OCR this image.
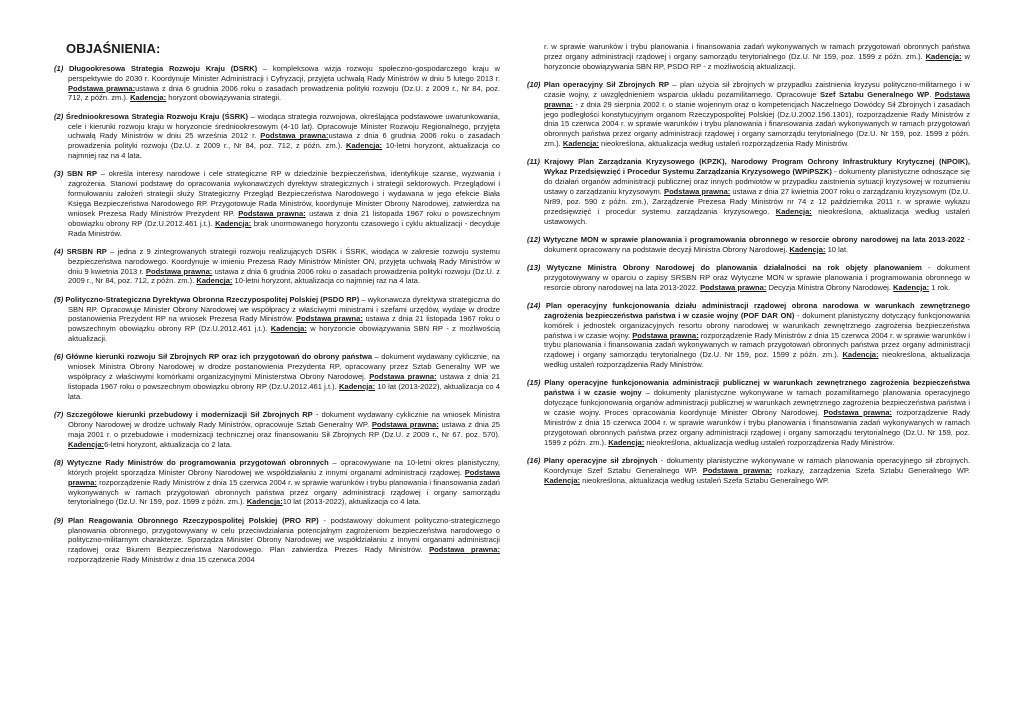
OBJAŚNIENIA:

(1) Długookresowa Strategia Rozwoju Kraju (DSRK) – kompleksowa wizja rozwoju społeczno-gospodarczego kraju w perspektywie do 2030 r. Koordynuje Minister Administracji i Cyfryzacji, przyjęta uchwałą Rady Ministrów w dniu 5 lutego 2013 r. Podstawa prawna:ustawa z dnia 6 grudnia 2006 roku o zasadach prowadzenia polityki rozwoju (Dz.U. z 2009 r., Nr 84, poz. 712, z późn. zm.). Kadencja: horyzont obowiązywania strategii.

(2) Średniookresowa Strategia Rozwoju Kraju (ŚSRK) – wiodąca strategia rozwojowa, określająca podstawowe uwarunkowania, cele i kierunki rozwoju kraju w horyzoncie średniookresowym (4-10 lat). Opracowuje Minister Rozwoju Regionalnego, przyjęta uchwałą Rady Ministrów w dniu 25 września 2012 r. Podstawa prawna:ustawa z dnia 6 grudnia 2006 roku o zasadach prowadzenia polityki rozwoju (Dz.U. z 2009 r., Nr 84, poz. 712, z późn. zm.). Kadencja: 10-letni horyzont, aktualizacja co najmniej raz na 4 lata.

(3) SBN RP – określa interesy narodowe i cele strategiczne RP w dziedzinie bezpieczeństwa, identyfikuje szanse, wyzwania i zagrożenia. Stanowi podstawę do opracowania wykonawczych dyrektyw strategicznych i strategii sektorowych. Przeglądowi i formułowaniu założeń strategii służy Strategiczny Przegląd Bezpieczeństwa Narodowego i wydawana w jego efekcie Biała Księga Bezpieczeństwa Narodowego RP. Przygotowuje Rada Ministrów, koordynuje Minister Obrony Narodowej, zatwierdza na wniosek Prezesa Rady Ministrów Prezydent RP. Podstawa prawna: ustawa z dnia 21 listopada 1967 roku o powszechnym obowiązku obrony RP (Dz.U.2012.461 j.t.). Kadencja: brak unormowanego horyzontu czasowego i cyklu aktualizacji - decyduje Rada Ministrów.

(4) SRSBN RP – jedna z 9 zintegrowanych strategii rozwoju realizujących DSRK i ŚSRK, wiodąca w zakresie rozwoju systemu bezpieczeństwa narodowego. Koordynuje w imieniu Prezesa Rady Ministrów Minister ON, przyjęta uchwałą Rady Ministrów w dniu 9 kwietnia 2013 r. Podstawa prawna: ustawa z dnia 6 grudnia 2006 roku o zasadach prowadzenia polityki rozwoju (Dz.U. z 2009 r., Nr 84, poz. 712, z późn. zm.). Kadencja: 10-letni horyzont, aktualizacja co najmniej raz na 4 lata.

(5) Polityczno-Strategiczna Dyrektywa Obronna Rzeczypospolitej Polskiej (PSDO RP) – wykonawcza dyrektywa strategiczna do SBN RP. Opracowuje Minister Obrony Narodowej we współpracy z właściwymi ministrami i szefami urzędów, wydaje w drodze postanowienia Prezydent RP na wniosek Prezesa Rady Ministrów. Podstawa prawna: ustawa z dnia 21 listopada 1967 roku o powszechnym obowiązku obrony RP (Dz.U.2012.461 j.t.). Kadencja: w horyzoncie obowiązywania SBN RP - z możliwością aktualizacji.

(6) Główne kierunki rozwoju Sił Zbrojnych RP oraz ich przygotowań do obrony państwa – dokument wydawany cyklicznie, na wniosek Ministra Obrony Narodowej w drodze postanowienia Prezydenta RP, opracowany przez Sztab Generalny WP we współpracy z właściwymi komórkami organizacyjnymi Ministerstwa Obrony Narodowej. Podstawa prawna: ustawa z dnia 21 listopada 1967 roku o powszechnym obowiązku obrony RP (Dz.U.2012.461 j.t.). Kadencja: 10 lat (2013-2022), aktualizacja co 4 lata.

(7) Szczegółowe kierunki przebudowy i modernizacji Sił Zbrojnych RP - dokument wydawany cyklicznie na wniosek Ministra Obrony Narodowej w drodze uchwały Rady Ministrów, opracowuje Sztab Generalny WP. Podstawa prawna: ustawa z dnia 25 maja 2001 r. o przebudowie i modernizacji technicznej oraz finansowaniu Sił Zbrojnych RP (Dz.U. z 2009 r., Nr 67. poz. 570). Kadencja:6-letni horyzont, aktualizacja co 2 lata.

(8) Wytyczne Rady Ministrów do programowania przygotowań obronnych – opracowywane na 10-letni okres planistyczny, których projekt sporządza Minister Obrony Narodowej we współdziałaniu z innymi organami administracji rządowej. Podstawa prawna: rozporządzenie Rady Ministrów z dnia 15 czerwca 2004 r. w sprawie warunków i trybu planowania i finansowania zadań wykonywanych w ramach przygotowań obronnych państwa przez organy administracji rządowej i organy samorządu terytorialnego (Dz.U. Nr 159, poz. 1599 z późn. zm.). Kadencja:10 lat (2013-2022), aktualizacja co 4 lata.

(9) Plan Reagowania Obronnego Rzeczypospolitej Polskiej (PRO RP) - podstawowy dokument polityczno-strategicznego planowania obronnego, przygotowywany w celu przeciwdziałania potencjalnym zagrożeniom bezpieczeństwa narodowego o polityczno-militarnym charakterze. Sporządza Minister Obrony Narodowej we współdziałaniu z innymi organami administracji rządowej oraz Biurem Bezpieczeństwa Narodowego. Plan zatwierdza Prezes Rady Ministrów. Podstawa prawna: rozporządzenie Rady Ministrów z dnia 15 czerwca 2004

r. w sprawie warunków i trybu planowania i finansowania zadań wykonywanych w ramach przygotowań obronnych państwa przez organy administracji rządowej i organy samorządu terytorialnego (Dz.U. Nr 159, poz. 1599 z późn. zm.). Kadencja: w horyzoncie obowiązywania SBN RP, PSDO RP - z możliwością aktualizacji.

(10) Plan operacyjny Sił Zbrojnych RP – plan użycia sił zbrojnych w przypadku zaistnienia kryzysu polityczno-militarnego i w czasie wojny, z uwzględnieniem wsparcia układu pozamilitarnego. Opracowuje Szef Sztabu Generalnego WP. Podstawa prawna: - z dnia 29 sierpnia 2002 r. o stanie wojennym oraz o kompetencjach Naczelnego Dowódcy Sił Zbrojnych i zasadach jego podległości konstytucyjnym organom Rzeczypospolitej Polskiej (Dz.U.2002.156.1301), rozporządzenie Rady Ministrów z dnia 15 czerwca 2004 r. w sprawie warunków i trybu planowania i finansowania zadań wykonywanych w ramach przygotowań obronnych państwa przez organy administracji rządowej i organy samorządu terytorialnego (Dz.U. Nr 159, poz. 1599 z późn. zm.). Kadencja: nieokreślona, aktualizacja według ustaleń rozporządzenia Rady Ministrów.

(11) Krajowy Plan Zarządzania Kryzysowego (KPZK), Narodowy Program Ochrony Infrastruktury Krytycznej (NPOIK), Wykaz Przedsięwzięć i Procedur Systemu Zarządzania Kryzysowego (WPiPSZK) - dokumenty planistyczne odnoszące się do działań organów administracji publicznej oraz innych podmiotów w przypadku zaistnienia sytuacji kryzysowej w rozumieniu ustawy o zarządzaniu kryzysowym. Podstawa prawna: ustawa z dnia 27 kwietnia 2007 roku o zarządzaniu kryzysowym (Dz.U. Nr89, poz. 590 z późn. zm.), Zarządzenie Prezesa Rady Ministrów nr 74 z 12 października 2011 r. w sprawie wykazu przedsięwzięć i procedur systemu zarządzania kryzysowego. Kadencja: nieokreślona, aktualizacja według ustaleń ustawowych.

(12) Wytyczne MON w sprawie planowania i programowania obronnego w resorcie obrony narodowej na lata 2013-2022 - dokument opracowany na podstawie decyzji Ministra Obrony Narodowej. Kadencja: 10 lat.

(13) Wytyczne Ministra Obrony Narodowej do planowania działalności na rok objęty planowaniem - dokument przygotowywany w oparciu o zapisy SRSBN RP oraz Wytyczne MON w sprawie planowania i programowania obronnego w resorcie obrony narodowej na lata 2013-2022. Podstawa prawna: Decyzja Ministra Obrony Narodowej. Kadencja: 1 rok.

(14) Plan operacyjny funkcjonowania działu administracji rządowej obrona narodowa w warunkach zewnętrznego zagrożenia bezpieczeństwa państwa i w czasie wojny (POF DAR ON) - dokument planistyczny dotyczący funkcjonowania komórek i jednostek organizacyjnych resortu obrony narodowej w warunkach zewnętrznego zagrożenia bezpieczeństwa państwa i w czasie wojny. Podstawa prawna: rozporządzenie Rady Ministrów z dnia 15 czerwca 2004 r. w sprawie warunków i trybu planowania i finansowania zadań wykonywanych w ramach przygotowań obronnych państwa przez organy administracji rządowej i organy samorządu terytorialnego (Dz.U. Nr 159, poz. 1599 z późn. zm.). Kadencja: nieokreślona, aktualizacja według ustaleń rozporządzenia Rady Ministrów.

(15) Plany operacyjne funkcjonowania administracji publicznej w warunkach zewnętrznego zagrożenia bezpieczeństwa państwa i w czasie wojny – dokumenty planistyczne wykonywane w ramach pozamilitarnego planowania operacyjnego dotyczące funkcjonowania organów administracji publicznej w warunkach zewnętrznego zagrożenia bezpieczeństwa państwa i w czasie wojny. Proces opracowania koordynuje Minister Obrony Narodowej. Podstawa prawna: rozporządzenie Rady Ministrów z dnia 15 czerwca 2004 r. w sprawie warunków i trybu planowania i finansowania zadań wykonywanych w ramach przygotowań obronnych państwa przez organy administracji rządowej i organy samorządu terytorialnego (Dz.U. Nr 159, poz. 1599 z późn. zm.). Kadencja: nieokreślona, aktualizacja według ustaleń rozporządzenia Rady Ministrów.

(16) Plany operacyjne sił zbrojnych - dokumenty planistyczne wykonywane w ramach planowania operacyjnego sił zbrojnych. Koordynuje Szef Sztabu Generalnego WP. Podstawa prawna: rozkazy, zarządzenia Szefa Sztabu Generalnego WP. Kadencja: nieokreślona, aktualizacja według ustaleń Szefa Sztabu Generalnego WP.
